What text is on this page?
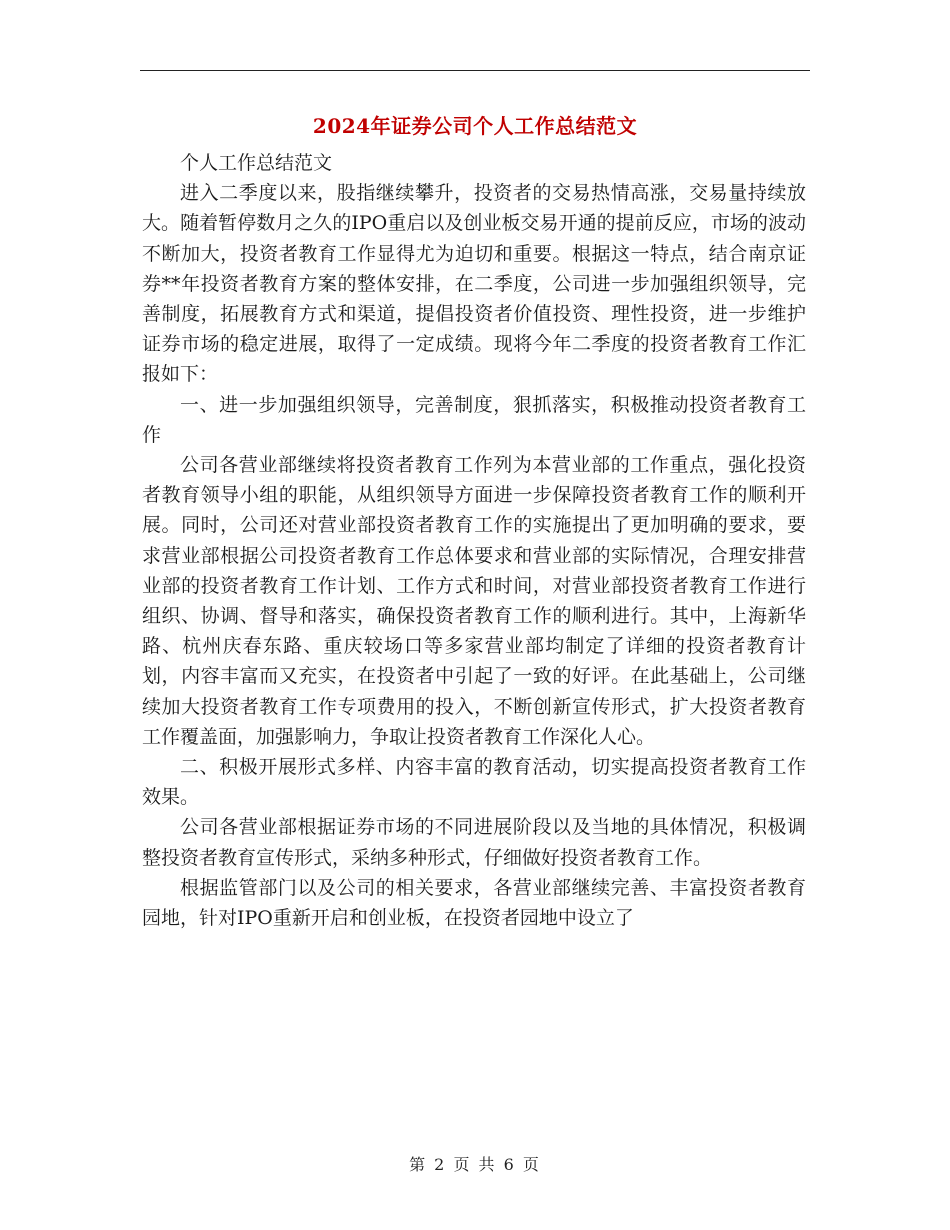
2024年证券公司个人工作总结范文

个人工作总结范文

进入二季度以来，股指继续攀升，投资者的交易热情高涨，交易量持续放大。随着暂停数月之久的IPO重启以及创业板交易开通的提前反应，市场的波动不断加大，投资者教育工作显得尤为迫切和重要。根据这一特点，结合南京证券**年投资者教育方案的整体安排，在二季度，公司进一步加强组织领导，完善制度，拓展教育方式和渠道，提倡投资者价值投资、理性投资，进一步维护证券市场的稳定进展，取得了一定成绩。现将今年二季度的投资者教育工作汇报如下：

一、进一步加强组织领导，完善制度，狠抓落实，积极推动投资者教育工作

公司各营业部继续将投资者教育工作列为本营业部的工作重点，强化投资者教育领导小组的职能，从组织领导方面进一步保障投资者教育工作的顺利开展。同时，公司还对营业部投资者教育工作的实施提出了更加明确的要求，要求营业部根据公司投资者教育工作总体要求和营业部的实际情况，合理安排营业部的投资者教育工作计划、工作方式和时间，对营业部投资者教育工作进行组织、协调、督导和落实，确保投资者教育工作的顺利进行。其中，上海新华路、杭州庆春东路、重庆较场口等多家营业部均制定了详细的投资者教育计划，内容丰富而又充实，在投资者中引起了一致的好评。在此基础上，公司继续加大投资者教育工作专项费用的投入，不断创新宣传形式，扩大投资者教育工作覆盖面，加强影响力，争取让投资者教育工作深化人心。

二、积极开展形式多样、内容丰富的教育活动，切实提高投资者教育工作效果。

公司各营业部根据证券市场的不同进展阶段以及当地的具体情况，积极调整投资者教育宣传形式，采纳多种形式，仔细做好投资者教育工作。

根据监管部门以及公司的相关要求，各营业部继续完善、丰富投资者教育园地，针对IPO重新开启和创业板，在投资者园地中设立了

第 2 页 共 6 页
